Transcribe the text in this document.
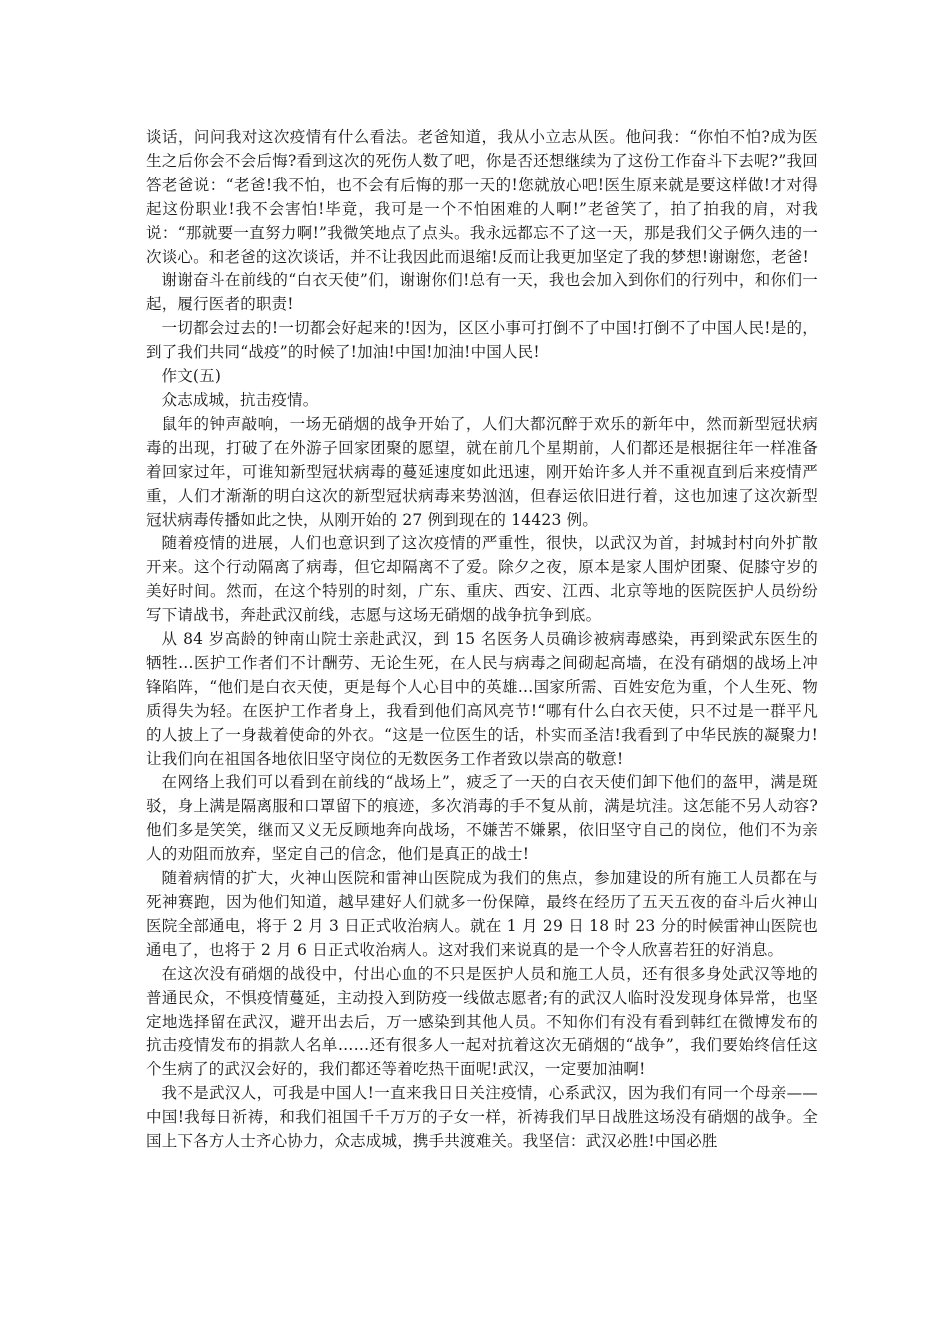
谈话，问问我对这次疫情有什么看法。老爸知道，我从小立志从医。他问我：“你怕不怕?成为医生之后你会不会后悔?看到这次的死伤人数了吧，你是否还想继续为了这份工作奋斗下去呢?”我回答老爸说：“老爸!我不怕，也不会有后悔的那一天的!您就放心吧!医生原来就是要这样做!才对得起这份职业!我不会害怕!毕竟，我可是一个不怕困难的人啊!”老爸笑了，拍了拍我的肩，对我说：“那就要一直努力啊!”我微笑地点了点头。我永远都忘不了这一天，那是我们父子俩久违的一次谈心。和老爸的这次谈话，并不让我因此而退缩!反而让我更加坚定了我的梦想!谢谢您，老爸!

谢谢奋斗在前线的“白衣天使”们，谢谢你们!总有一天，我也会加入到你们的行列中，和你们一起，履行医者的职责!

一切都会过去的!一切都会好起来的!因为，区区小事可打倒不了中国!打倒不了中国人民!是的，到了我们共同“战疫”的时候了!加油!中国!加油!中国人民!

作文(五)

众志成城，抗击疫情。

鼠年的钟声敲响，一场无硝烟的战争开始了，人们大都沉醉于欢乐的新年中，然而新型冠状病毒的出现，打破了在外游子回家团聚的愿望，就在前几个星期前，人们都还是根据往年一样准备着回家过年，可谁知新型冠状病毒的蔓延速度如此迅速，刚开始许多人并不重视直到后来疫情严重，人们才渐渐的明白这次的新型冠状病毒来势汹汹，但春运依旧进行着，这也加速了这次新型冠状病毒传播如此之快，从刚开始的 27 例到现在的 14423 例。

随着疫情的进展，人们也意识到了这次疫情的严重性，很快，以武汉为首，封城封村向外扩散开来。这个行动隔离了病毒，但它却隔离不了爱。除夕之夜，原本是家人围炉团聚、促膝守岁的美好时间。然而，在这个特别的时刻，广东、重庆、西安、江西、北京等地的医院医护人员纷纷写下请战书，奔赴武汉前线，志愿与这场无硝烟的战争抗争到底。

从 84 岁高龄的钟南山院士亲赴武汉，到 15 名医务人员确诊被病毒感染，再到梁武东医生的牺牲…医护工作者们不计酬劳、无论生死，在人民与病毒之间砌起高墙，在没有硝烟的战场上冲锋陷阵，“他们是白衣天使，更是每个人心目中的英雄…国家所需、百姓安危为重，个人生死、物质得失为轻。在医护工作者身上，我看到他们高风亮节!“哪有什么白衣天使，只不过是一群平凡的人披上了一身裁着使命的外衣。“这是一位医生的话，朴实而圣洁!我看到了中华民族的凝聚力!让我们向在祖国各地依旧坚守岗位的无数医务工作者致以崇高的敬意!

在网络上我们可以看到在前线的“战场上”，疲乏了一天的白衣天使们卸下他们的盔甲，满是斑驳，身上满是隔离服和口罩留下的痕迹，多次消毒的手不复从前，满是坑洼。这怎能不另人动容?他们多是笑笑，继而又义无反顾地奔向战场，不嫌苦不嫌累，依旧坚守自己的岗位，他们不为亲人的劝阻而放弃，坚定自己的信念，他们是真正的战士!

随着病情的扩大，火神山医院和雷神山医院成为我们的焦点，参加建设的所有施工人员都在与死神赛跑，因为他们知道，越早建好人们就多一份保障，最终在经历了五天五夜的奋斗后火神山医院全部通电，将于 2 月 3 日正式收治病人。就在 1 月 29 日 18 时 23 分的时候雷神山医院也通电了，也将于 2 月 6 日正式收治病人。这对我们来说真的是一个令人欣喜若狂的好消息。

在这次没有硝烟的战役中，付出心血的不只是医护人员和施工人员，还有很多身处武汉等地的普通民众，不惧疫情蔓延，主动投入到防疫一线做志愿者;有的武汉人临时没发现身体异常，也坚定地选择留在武汉，避开出去后，万一感染到其他人员。不知你们有没有看到韩红在微博发布的抗击疫情发布的捐款人名单……还有很多人一起对抗着这次无硝烟的“战争”，我们要始终信任这个生病了的武汉会好的，我们都还等着吃热干面呢!武汉，一定要加油啊!

我不是武汉人，可我是中国人!一直来我日日关注疫情，心系武汉，因为我们有同一个母亲——中国!我每日祈祷，和我们祖国千千万万的子女一样，祈祷我们早日战胜这场没有硝烟的战争。全国上下各方人士齐心协力，众志成城，携手共渡难关。我坚信：武汉必胜!中国必胜
